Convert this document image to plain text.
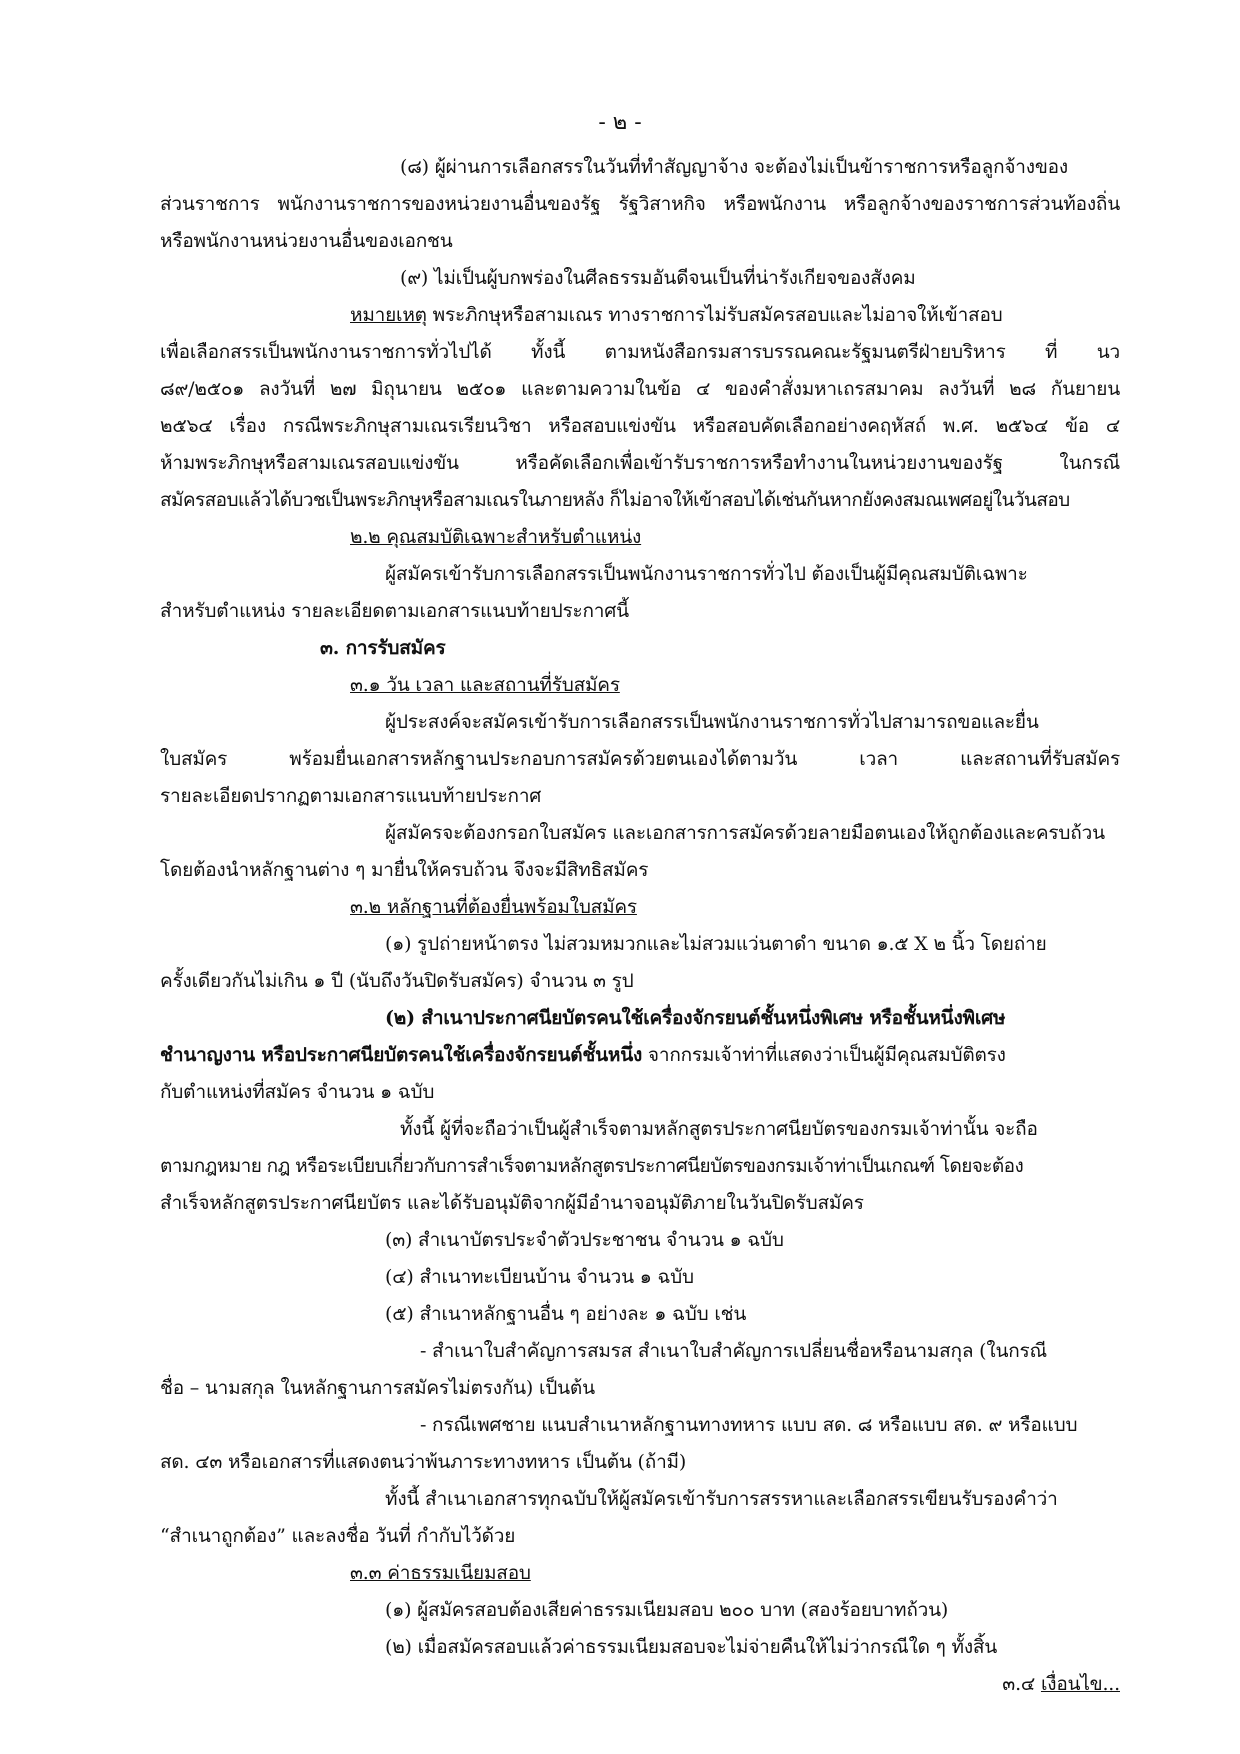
- ๒ -
(๘) ผู้ผ่านการเลือกสรรในวันที่ทำสัญญาจ้าง จะต้องไม่เป็นข้าราชการหรือลูกจ้างของ
ส่วนราชการ พนักงานราชการของหน่วยงานอื่นของรัฐ รัฐวิสาหกิจ หรือพนักงาน หรือลูกจ้างของราชการส่วนท้องถิ่น
หรือพนักงานหน่วยงานอื่นของเอกชน
(๙) ไม่เป็นผู้บกพร่องในศีลธรรมอันดีจนเป็นที่น่ารังเกียจของสังคม
หมายเหตุ พระภิกษุหรือสามเณร ทางราชการไม่รับสมัครสอบและไม่อาจให้เข้าสอบ
เพื่อเลือกสรรเป็นพนักงานราชการทั่วไปได้ ทั้งนี้ ตามหนังสือกรมสารบรรณคณะรัฐมนตรีฝ่ายบริหาร ที่ นว
๘๙/๒๕๐๑ ลงวันที่ ๒๗ มิถุนายน ๒๕๐๑ และตามความในข้อ ๔ ของคำสั่งมหาเถรสมาคม ลงวันที่ ๒๘ กันยายน
๒๕๖๔ เรื่อง กรณีพระภิกษุสามเณรเรียนวิชา หรือสอบแข่งขัน หรือสอบคัดเลือกอย่างคฤหัสถ์ พ.ศ. ๒๕๖๔ ข้อ ๔
ห้ามพระภิกษุหรือสามเณรสอบแข่งขัน หรือคัดเลือกเพื่อเข้ารับราชการหรือทำงานในหน่วยงานของรัฐ ในกรณี
สมัครสอบแล้วได้บวชเป็นพระภิกษุหรือสามเณรในภายหลัง ก็ไม่อาจให้เข้าสอบได้เช่นกันหากยังคงสมณเพศอยู่ในวันสอบ
๒.๒ คุณสมบัติเฉพาะสำหรับตำแหน่ง
ผู้สมัครเข้ารับการเลือกสรรเป็นพนักงานราชการทั่วไป ต้องเป็นผู้มีคุณสมบัติเฉพาะ
สำหรับตำแหน่ง รายละเอียดตามเอกสารแนบท้ายประกาศนี้
๓. การรับสมัคร
๓.๑ วัน เวลา และสถานที่รับสมัคร
ผู้ประสงค์จะสมัครเข้ารับการเลือกสรรเป็นพนักงานราชการทั่วไปสามารถขอและยื่น
ใบสมัคร พร้อมยื่นเอกสารหลักฐานประกอบการสมัครด้วยตนเองได้ตามวัน เวลา และสถานที่รับสมัคร
รายละเอียดปรากฏตามเอกสารแนบท้ายประกาศ
ผู้สมัครจะต้องกรอกใบสมัคร และเอกสารการสมัครด้วยลายมือตนเองให้ถูกต้องและครบถ้วน
โดยต้องนำหลักฐานต่าง ๆ มายื่นให้ครบถ้วน จึงจะมีสิทธิสมัคร
๓.๒ หลักฐานที่ต้องยื่นพร้อมใบสมัคร
(๑) รูปถ่ายหน้าตรง ไม่สวมหมวกและไม่สวมแว่นตาดำ ขนาด ๑.๕ X ๒ นิ้ว โดยถ่าย
ครั้งเดียวกันไม่เกิน ๑ ปี (นับถึงวันปิดรับสมัคร) จำนวน ๓ รูป
(๒) สำเนาประกาศนียบัตรคนใช้เครื่องจักรยนต์ชั้นหนึ่งพิเศษ หรือชั้นหนึ่งพิเศษ
ชำนาญงาน หรือประกาศนียบัตรคนใช้เครื่องจักรยนต์ชั้นหนึ่ง จากกรมเจ้าท่าที่แสดงว่าเป็นผู้มีคุณสมบัติตรง
กับตำแหน่งที่สมัคร จำนวน ๑ ฉบับ
ทั้งนี้ ผู้ที่จะถือว่าเป็นผู้สำเร็จตามหลักสูตรประกาศนียบัตรของกรมเจ้าท่านั้น จะถือ
ตามกฎหมาย กฎ หรือระเบียบเกี่ยวกับการสำเร็จตามหลักสูตรประกาศนียบัตรของกรมเจ้าท่าเป็นเกณฑ์ โดยจะต้อง
สำเร็จหลักสูตรประกาศนียบัตร และได้รับอนุมัติจากผู้มีอำนาจอนุมัติภายในวันปิดรับสมัคร
(๓) สำเนาบัตรประจำตัวประชาชน จำนวน ๑ ฉบับ
(๔) สำเนาทะเบียนบ้าน จำนวน ๑ ฉบับ
(๕) สำเนาหลักฐานอื่น ๆ อย่างละ ๑ ฉบับ เช่น
- สำเนาใบสำคัญการสมรส สำเนาใบสำคัญการเปลี่ยนชื่อหรือนามสกุล (ในกรณี
ชื่อ – นามสกุล ในหลักฐานการสมัครไม่ตรงกัน) เป็นต้น
- กรณีเพศชาย แนบสำเนาหลักฐานทางทหาร แบบ สด. ๘ หรือแบบ สด. ๙ หรือแบบ
สด. ๔๓ หรือเอกสารที่แสดงตนว่าพ้นภาระทางทหาร เป็นต้น (ถ้ามี)
ทั้งนี้ สำเนาเอกสารทุกฉบับให้ผู้สมัครเข้ารับการสรรหาและเลือกสรรเขียนรับรองคำว่า
“สำเนาถูกต้อง” และลงชื่อ วันที่ กำกับไว้ด้วย
๓.๓ ค่าธรรมเนียมสอบ
(๑) ผู้สมัครสอบต้องเสียค่าธรรมเนียมสอบ ๒๐๐ บาท (สองร้อยบาทถ้วน)
(๒) เมื่อสมัครสอบแล้วค่าธรรมเนียมสอบจะไม่จ่ายคืนให้ไม่ว่ากรณีใด ๆ ทั้งสิ้น
๓.๔ เงื่อนไข...
